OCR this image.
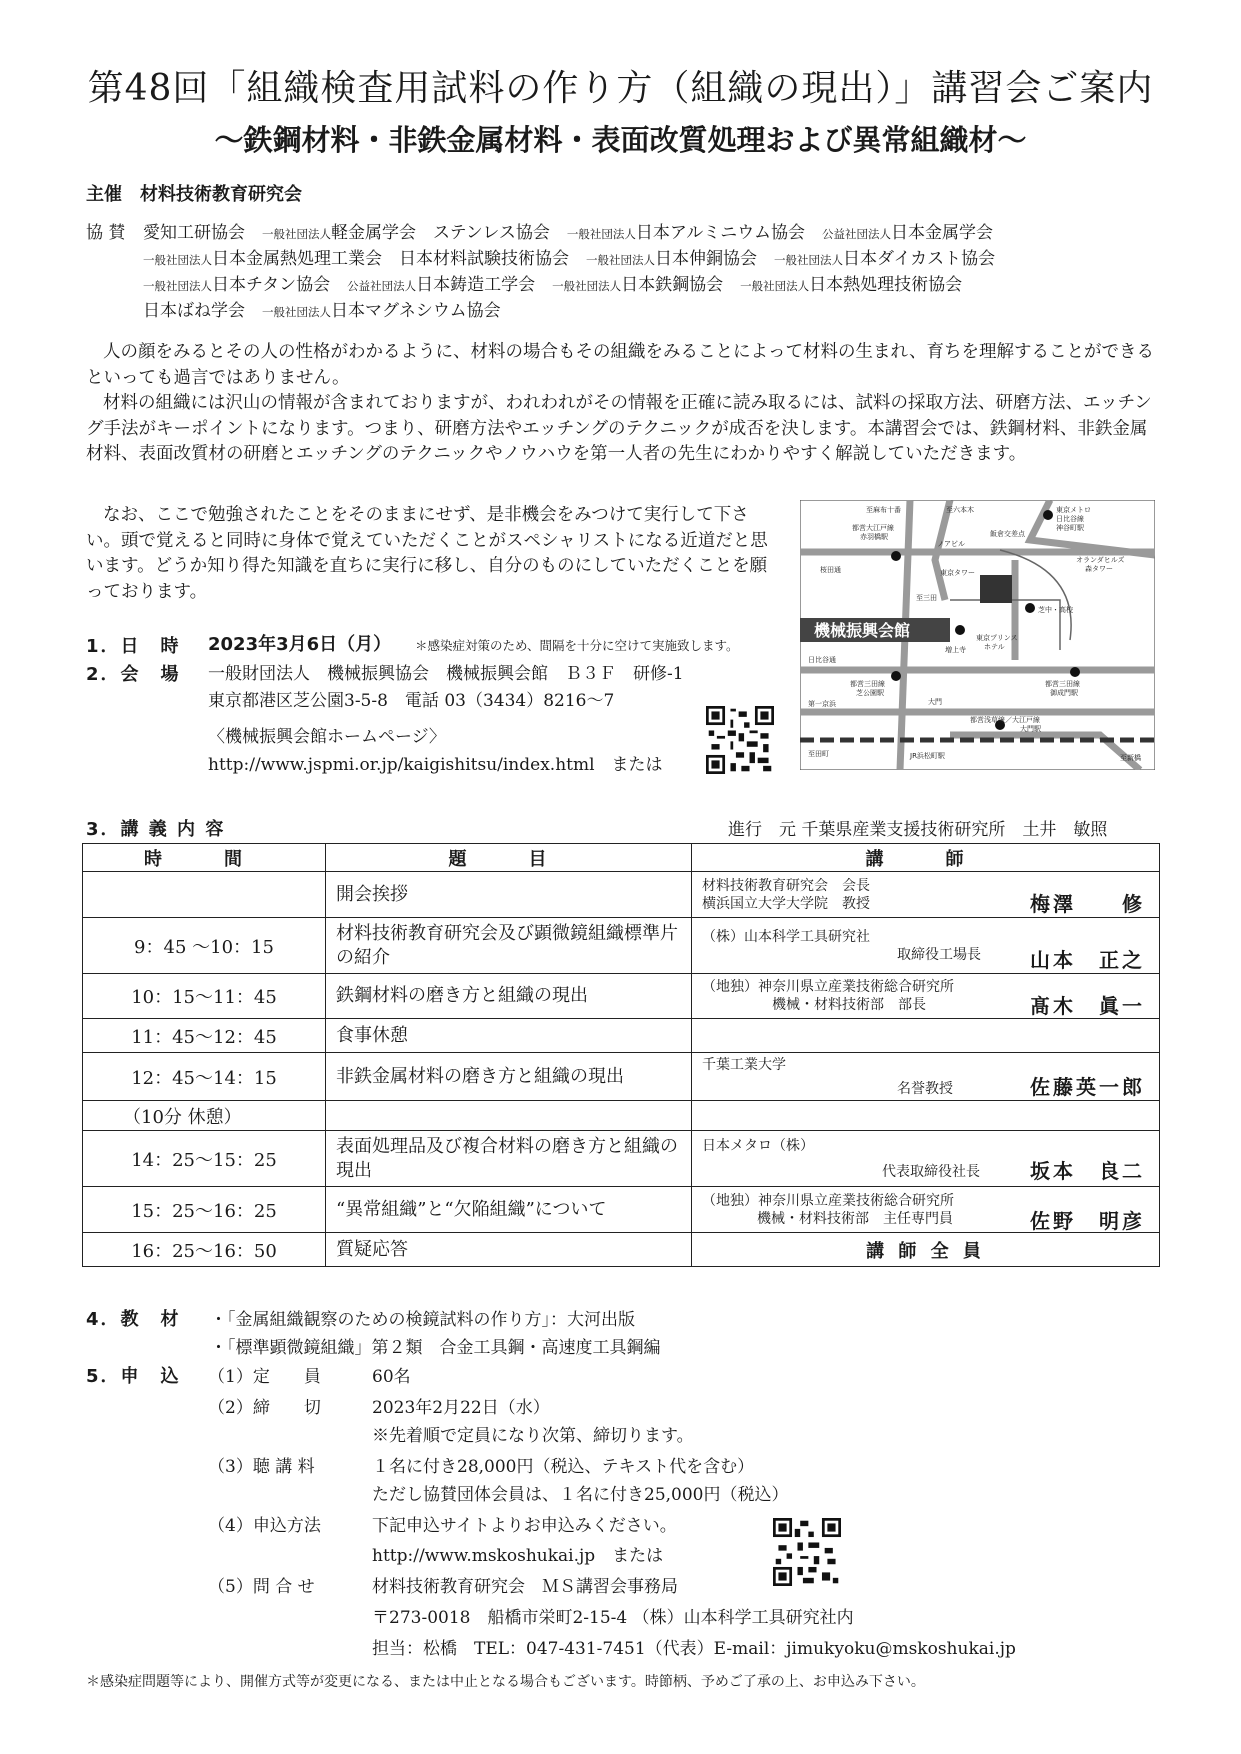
第48回「組織検査用試料の作り方（組織の現出）」講習会ご案内
〜鉄鋼材料・非鉄金属材料・表面改質処理および異常組織材〜
主催　材料技術教育研究会
協 賛 愛知工研協会　 一般社団法人軽金属学会　 ステンレス協会　 一般社団法人日本アルミニウム協会　 公益社団法人日本金属学会
一般社団法人日本金属熱処理工業会　 日本材料試験技術協会　 一般社団法人日本伸銅協会　 一般社団法人日本ダイカスト協会
一般社団法人日本チタン協会　 公益社団法人日本鋳造工学会　 一般社団法人日本鉄鋼協会　 一般社団法人日本熱処理技術協会
日本ばね学会　 一般社団法人日本マグネシウム協会
人の顔をみるとその人の性格がわかるように、材料の場合もその組織をみることによって材料の生まれ、育ちを理解することができるといっても過言ではありません。
材料の組織には沢山の情報が含まれておりますが、われわれがその情報を正確に読み取るには、試料の採取方法、研磨方法、エッチング手法がキーポイントになります。つまり、研磨方法やエッチングのテクニックが成否を決します。本講習会では、鉄鋼材料、非鉄金属材料、表面改質材の研磨とエッチングのテクニックやノウハウを第一人者の先生にわかりやすく解説していただきます。
なお、ここで勉強されたことをそのままにせず、是非機会をみつけて実行して下さい。頭で覚えると同時に身体で覚えていただくことがスペシャリストになる近道だと思います。どうか知り得た知識を直ちに実行に移し、自分のものにしていただくことを願っております。
1．日　時 2023年3月6日（月） ＊感染症対策のため、間隔を十分に空けて実施致します。
2．会　場 一般財団法人　機械振興協会　機械振興会館　Ｂ３Ｆ　研修-1
東京都港区芝公園3-5-8　電話 03（3434）8216〜7
〈機械振興会館ホームページ〉
http://www.jspmi.or.jp/kaigishitsu/index.html　 または
機械振興会館
至麻布十番	至六本木	東京メトロ
日比谷線
神谷町駅
都営大江戸線
赤羽橋駅	飯倉交差点
ノアビル
オランダヒルズ
森タワー
桜田通
至三田
東京タワー
芝中・高校
東京プリンス
ホテル
増上寺
日比谷通
都営三田線
芝公園駅
都営三田線
御成門駅
大門
第一京浜
都営浅草線／大江戸線
大門駅
至田町	JR浜松町駅	至新橋
3．講 義 内 容	進行　元 千葉県産業支援技術研究所　土井　敏照
時　間	題　目	講　師
	開会挨拶	材料技術教育研究会　会長
横浜国立大学大学院　教授 梅澤　　修

9：45 〜10：15	材料技術教育研究会及び顕微鏡組織標準片の紹介	（株）山本科学工具研究社
取締役工場長 山本　正之

10：15〜11：45	鉄鋼材料の磨き方と組織の現出	（地独）神奈川県立産業技術総合研究所
機械・材料技術部　部長 髙木　眞一

11：45〜12：45	食事休憩	
12：45〜14：15	非鉄金属材料の磨き方と組織の現出	千葉工業大学
名誉教授 佐藤英一郎

（10分 休憩）		
14：25〜15：25	表面処理品及び複合材料の磨き方と組織の現出	日本メタロ（株）
代表取締役社長 坂本　良二

15：25〜16：25	“異常組織”と“欠陥組織”について	（地独）神奈川県立産業技術総合研究所
機械・材料技術部　主任専門員 佐野　明彦

16：25〜16：50	質疑応答	講 師 全 員
4．教　材 ・「金属組織観察のための検鏡試料の作り方」：大河出版
・「標準顕微鏡組織」第２類　合金工具鋼・高速度工具鋼編
5．申　込 （1）定　　員	60名
（2）締　　切	2023年2月22日（水）
※先着順で定員になり次第、締切ります。
（3）聴 講 料	１名に付き28,000円（税込、テキスト代を含む）
ただし協賛団体会員は、１名に付き25,000円（税込）
（4）申込方法	下記申込サイトよりお申込みください。
http://www.mskoshukai.jp　 または
（5）問 合 せ	材料技術教育研究会　ＭＳ講習会事務局
〒273-0018　船橋市栄町2-15-4 （株）山本科学工具研究社内
担当：松橋　TEL：047-431-7451（代表）E-mail：jimukyoku@mskoshukai.jp
＊感染症問題等により、開催方式等が変更になる、または中止となる場合もございます。時節柄、予めご了承の上、お申込み下さい。
